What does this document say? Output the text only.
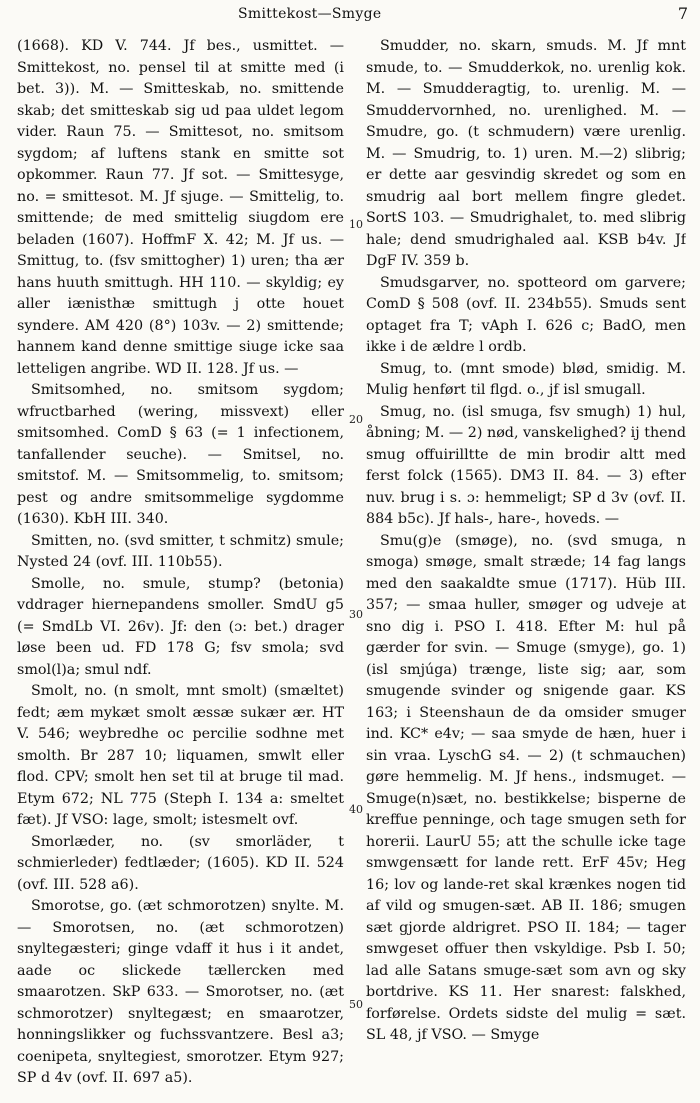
Smittekost—Smyge	7

(1668). KD V. 744. Jf bes., usmittet. — Smittekost, no. pensel til at smitte med (i bet. 3)). M. — Smitteskab, no. smittende skab; det smitteskab sig ud paa uldet legom vider. Raun 75. — Smittesot, no. smitsom sygdom; af luftens stank en smitte sot opkommer. Raun 77. Jf sot. — Smittesyge, no. = smittesot. M. Jf sjuge. — Smittelig, to. smittende; de med smittelig siugdom ere beladen (1607). HoffmF X. 42; M. Jf us. — Smittug, to. (fsv smittogher) 1) uren; tha ær hans huuth smittugh. HH 110. — skyldig; ey aller iænisthæ smittugh j otte houet syndere. AM 420 (8°) 103v. — 2) smittende; hannem kand denne smittige siuge icke saa letteligen angribe. WD II. 128. Jf us. —

Smitsomhed, no. smitsom sygdom; wfructbarhed (wering, missvext) eller smitsomhed. ComD § 63 (= 1 infectionem, tanfallender seuche). — Smitsel, no. smitstof. M. — Smitsommelig, to. smitsom; pest og andre smitsommelige sygdomme (1630). KbH III. 340.

Smitten, no. (svd smitter, t schmitz) smule; Nysted 24 (ovf. III. 110b55).

Smolle, no. smule, stump? (betonia) vddrager hiernepandens smoller. SmdU g5 (= SmdLb VI. 26v). Jf: den (ɔ: bet.) drager løse been ud. FD 178 G; fsv smola; svd smol(l)a; smul ndf.

Smolt, no. (n smolt, mnt smolt) (smæltet) fedt; æm mykæt smolt æssæ sukær ær. HT V. 546; weybredhe oc percilie sodhne met smolth. Br 287 10; liquamen, smwlt eller flod. CPV; smolt hen set til at bruge til mad. Etym 672; NL 775 (Steph I. 134 a: smeltet fæt). Jf VSO: lage, smolt; istesmelt ovf.

Smorlæder, no. (sv smorläder, t schmierleder) fedtlæder; (1605). KD II. 524 (ovf. III. 528 a6).

Smorotse, go. (æt schmorotzen) snylte. M. — Smorotsen, no. (æt schmorotzen) snyltegæsteri; ginge vdaff it hus i it andet, aade oc slickede tællercken med smaarotzen. SkP 633. — Smorotser, no. (æt schmorotzer) snyltegæst; en smaarotzer, honningslikker og fuchssvantzere. Besl a3; coenipeta, snyltegiest, smorotzer. Etym 927; SP d 4v (ovf. II. 697 a5).

10
20
30
40
50

Smudder, no. skarn, smuds. M. Jf mnt smude, to. — Smudderkok, no. urenlig kok. M. — Smudderagtig, to. urenlig. M. — Smuddervornhed, no. urenlighed. M. — Smudre, go. (t schmudern) være urenlig. M. — Smudrig, to. 1) uren. M.—2) slibrig; er dette aar gesvindig skredet og som en smudrig aal bort mellem fingre gledet. SortS 103. — Smudrighalet, to. med slibrig hale; dend smudrighaled aal. KSB b4v. Jf DgF IV. 359 b.

Smudsgarver, no. spotteord om garvere; ComD § 508 (ovf. II. 234b55). Smuds sent optaget fra T; vAph I. 626 c; BadO, men ikke i de ældre l ordb.

Smug, to. (mnt smode) blød, smidig. M. Mulig henført til flgd. o., jf isl smugall.

Smug, no. (isl smuga, fsv smugh) 1) hul, åbning; M. — 2) nød, vanskelighed? ij thend smug offuirilltte de min brodir altt med ferst folck (1565). DM3 II. 84. — 3) efter nuv. brug i s. ɔ: hemmeligt; SP d 3v (ovf. II. 884 b5c). Jf hals-, hare-, hoveds. —

Smu(g)e (smøge), no. (svd smuga, n smoga) smøge, smalt stræde; 14 fag langs med den saakaldte smue (1717). Hüb III. 357; — smaa huller, smøger og udveje at sno dig i. PSO I. 418. Efter M: hul på gærder for svin. — Smuge (smyge), go. 1) (isl smjúga) trænge, liste sig; aar, som smugende svinder og snigende gaar. KS 163; i Steenshaun de da omsider smuger ind. KC* e4v; — saa smyde de hæn, huer i sin vraa. LyschG s4. — 2) (t schmauchen) gøre hemmelig. M. Jf hens., indsmuget. — Smuge(n)sæt, no. bestikkelse; bisperne de kreffue penninge, och tage smugen seth for horerii. LaurU 55; att the schulle icke tage smwgensætt for lande rett. ErF 45v; Heg 16; lov og lande-ret skal krænkes nogen tid af vild og smugen-sæt. AB II. 186; smugen sæt gjorde aldrigret. PSO II. 184; — tager smwgeset offuer then vskyldige. Psb I. 50; lad alle Satans smuge-sæt som avn og sky bortdrive. KS 11. Her snarest: falskhed, forførelse. Ordets sidste del mulig = sæt. SL 48, jf VSO. — Smyge
